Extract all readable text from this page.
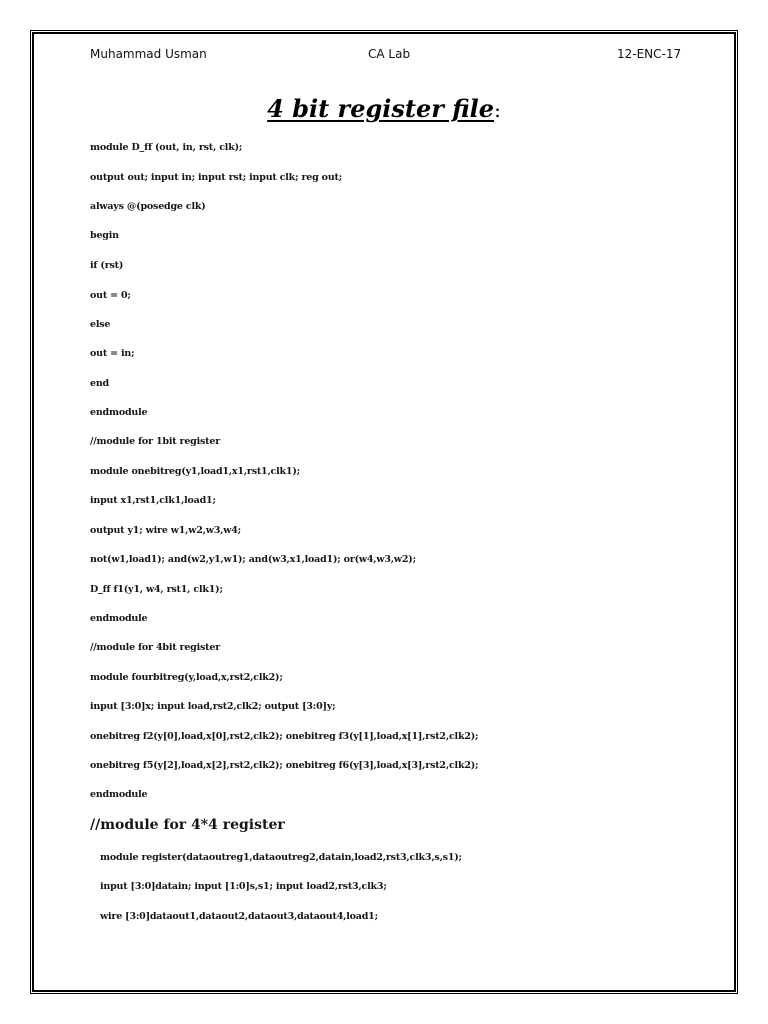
Muhammad Usman	CA Lab	12-ENC-17
4 bit register file:
module D_ff (out, in, rst, clk);
output out; input in; input rst; input clk; reg out;
always @(posedge clk)
begin
if (rst)
out = 0;
else
out = in;
end
endmodule
//module for 1bit register
module onebitreg(y1,load1,x1,rst1,clk1);
input x1,rst1,clk1,load1;
output y1; wire w1,w2,w3,w4;
not(w1,load1); and(w2,y1,w1); and(w3,x1,load1); or(w4,w3,w2);
D_ff f1(y1, w4, rst1, clk1);
endmodule
//module for 4bit register
module fourbitreg(y,load,x,rst2,clk2);
input [3:0]x; input load,rst2,clk2; output [3:0]y;
onebitreg f2(y[0],load,x[0],rst2,clk2); onebitreg f3(y[1],load,x[1],rst2,clk2);
onebitreg f5(y[2],load,x[2],rst2,clk2); onebitreg f6(y[3],load,x[3],rst2,clk2);
endmodule
//module for 4*4 register
module register(dataoutreg1,dataoutreg2,datain,load2,rst3,clk3,s,s1);
input [3:0]datain; input [1:0]s,s1; input load2,rst3,clk3;
wire [3:0]dataout1,dataout2,dataout3,dataout4,load1;
